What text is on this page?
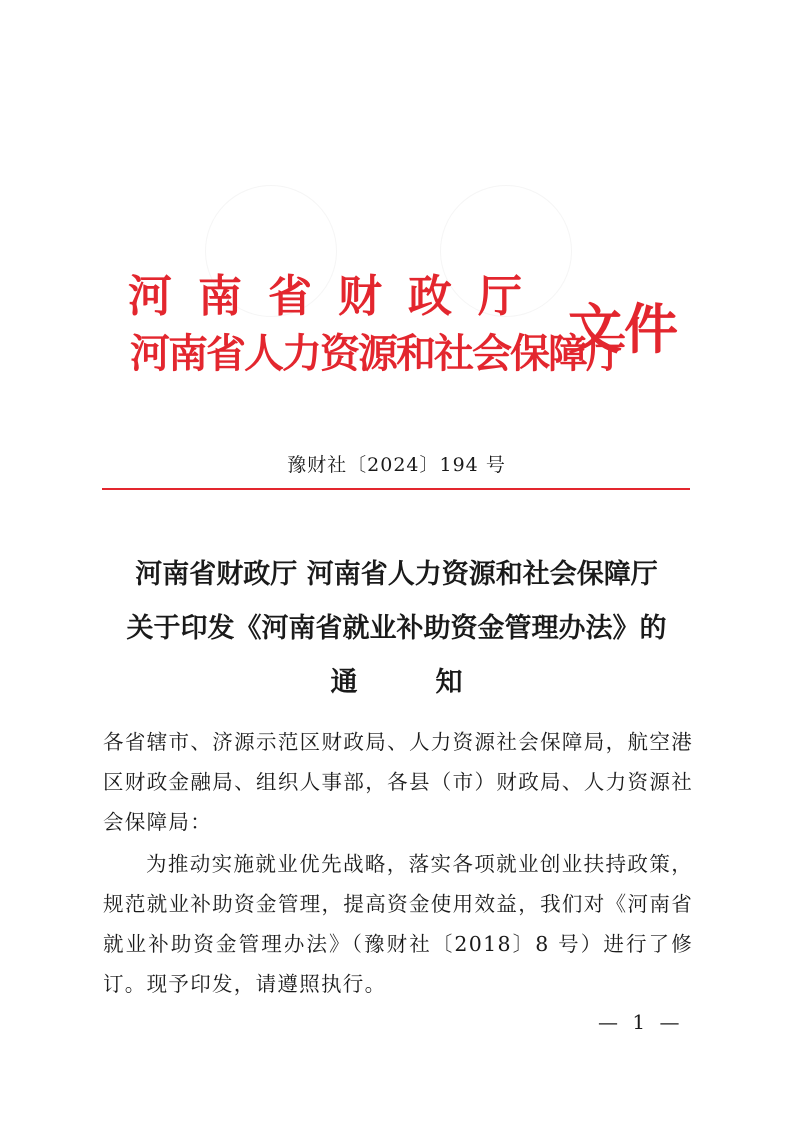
河南省财政厅
河南省人力资源和社会保障厅
文件
豫财社〔2024〕194 号
河南省财政厅 河南省人力资源和社会保障厅
关于印发《河南省就业补助资金管理办法》的
通知
各省辖市、济源示范区财政局、人力资源社会保障局，航空港区财政金融局、组织人事部，各县（市）财政局、人力资源社会保障局：
为推动实施就业优先战略，落实各项就业创业扶持政策，规范就业补助资金管理，提高资金使用效益，我们对《河南省就业补助资金管理办法》（豫财社〔2018〕8 号）进行了修订。现予印发，请遵照执行。
— 1 —
